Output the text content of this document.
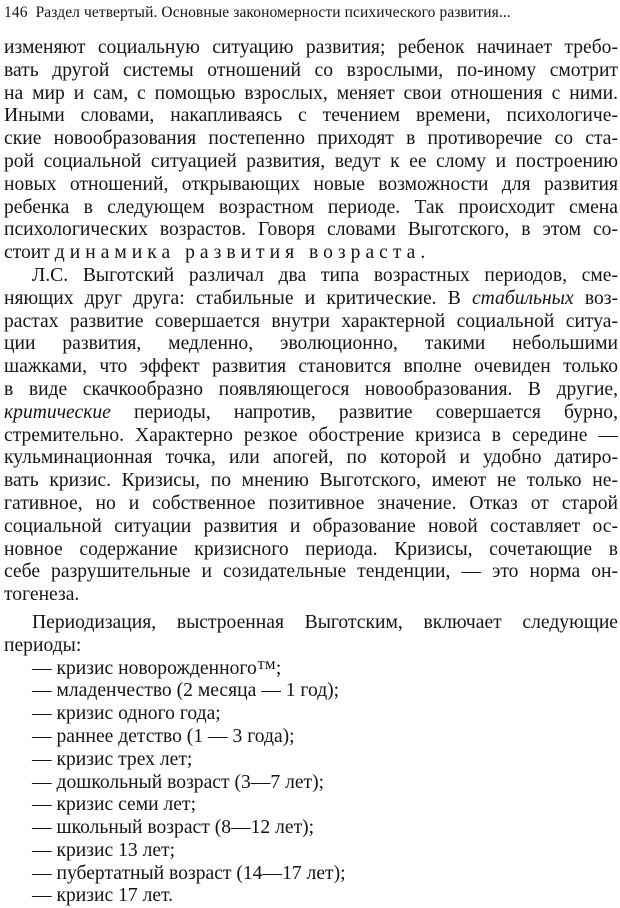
146 Раздел четвертый. Основные закономерности психического развития...
изменяют социальную ситуацию развития; ребенок начинает требо-
вать другой системы отношений со взрослыми, по-иному смотрит
на мир и сам, с помощью взрослых, меняет свои отношения с ними.
Иными словами, накапливаясь с течением времени, психологиче-
ские новообразования постепенно приходят в противоречие со ста-
рой социальной ситуацией развития, ведут к ее слому и построению
новых отношений, открывающих новые возможности для развития
ребенка в следующем возрастном периоде. Так происходит смена
психологических возрастов. Говоря словами Выготского, в этом со-
стоит динамика развития возраста.
Л.С. Выготский различал два типа возрастных периодов, сме-
няющих друг друга: стабильные и критические. В стабильных воз-
растах развитие совершается внутри характерной социальной ситуа-
ции развития, медленно, эволюционно, такими небольшими
шажками, что эффект развития становится вполне очевиден только
в виде скачкообразно появляющегося новообразования. В другие,
критические периоды, напротив, развитие совершается бурно,
стремительно. Характерно резкое обострение кризиса в середине —
кульминационная точка, или апогей, по которой и удобно датиро-
вать кризис. Кризисы, по мнению Выготского, имеют не только не-
гативное, но и собственное позитивное значение. Отказ от старой
социальной ситуации развития и образование новой составляет ос-
новное содержание кризисного периода. Кризисы, сочетающие в
себе разрушительные и созидательные тенденции, — это норма он-
тогенеза.
Периодизация, выстроенная Выготским, включает следующие
периоды:
— кризис новорожденного™;
— младенчество (2 месяца — 1 год);
— кризис одного года;
— раннее детство (1 — 3 года);
— кризис трех лет;
— дошкольный возраст (3—7 лет);
— кризис семи лет;
— школьный возраст (8—12 лет);
— кризис 13 лет;
— пубертатный возраст (14—17 лет);
— кризис 17 лет.
